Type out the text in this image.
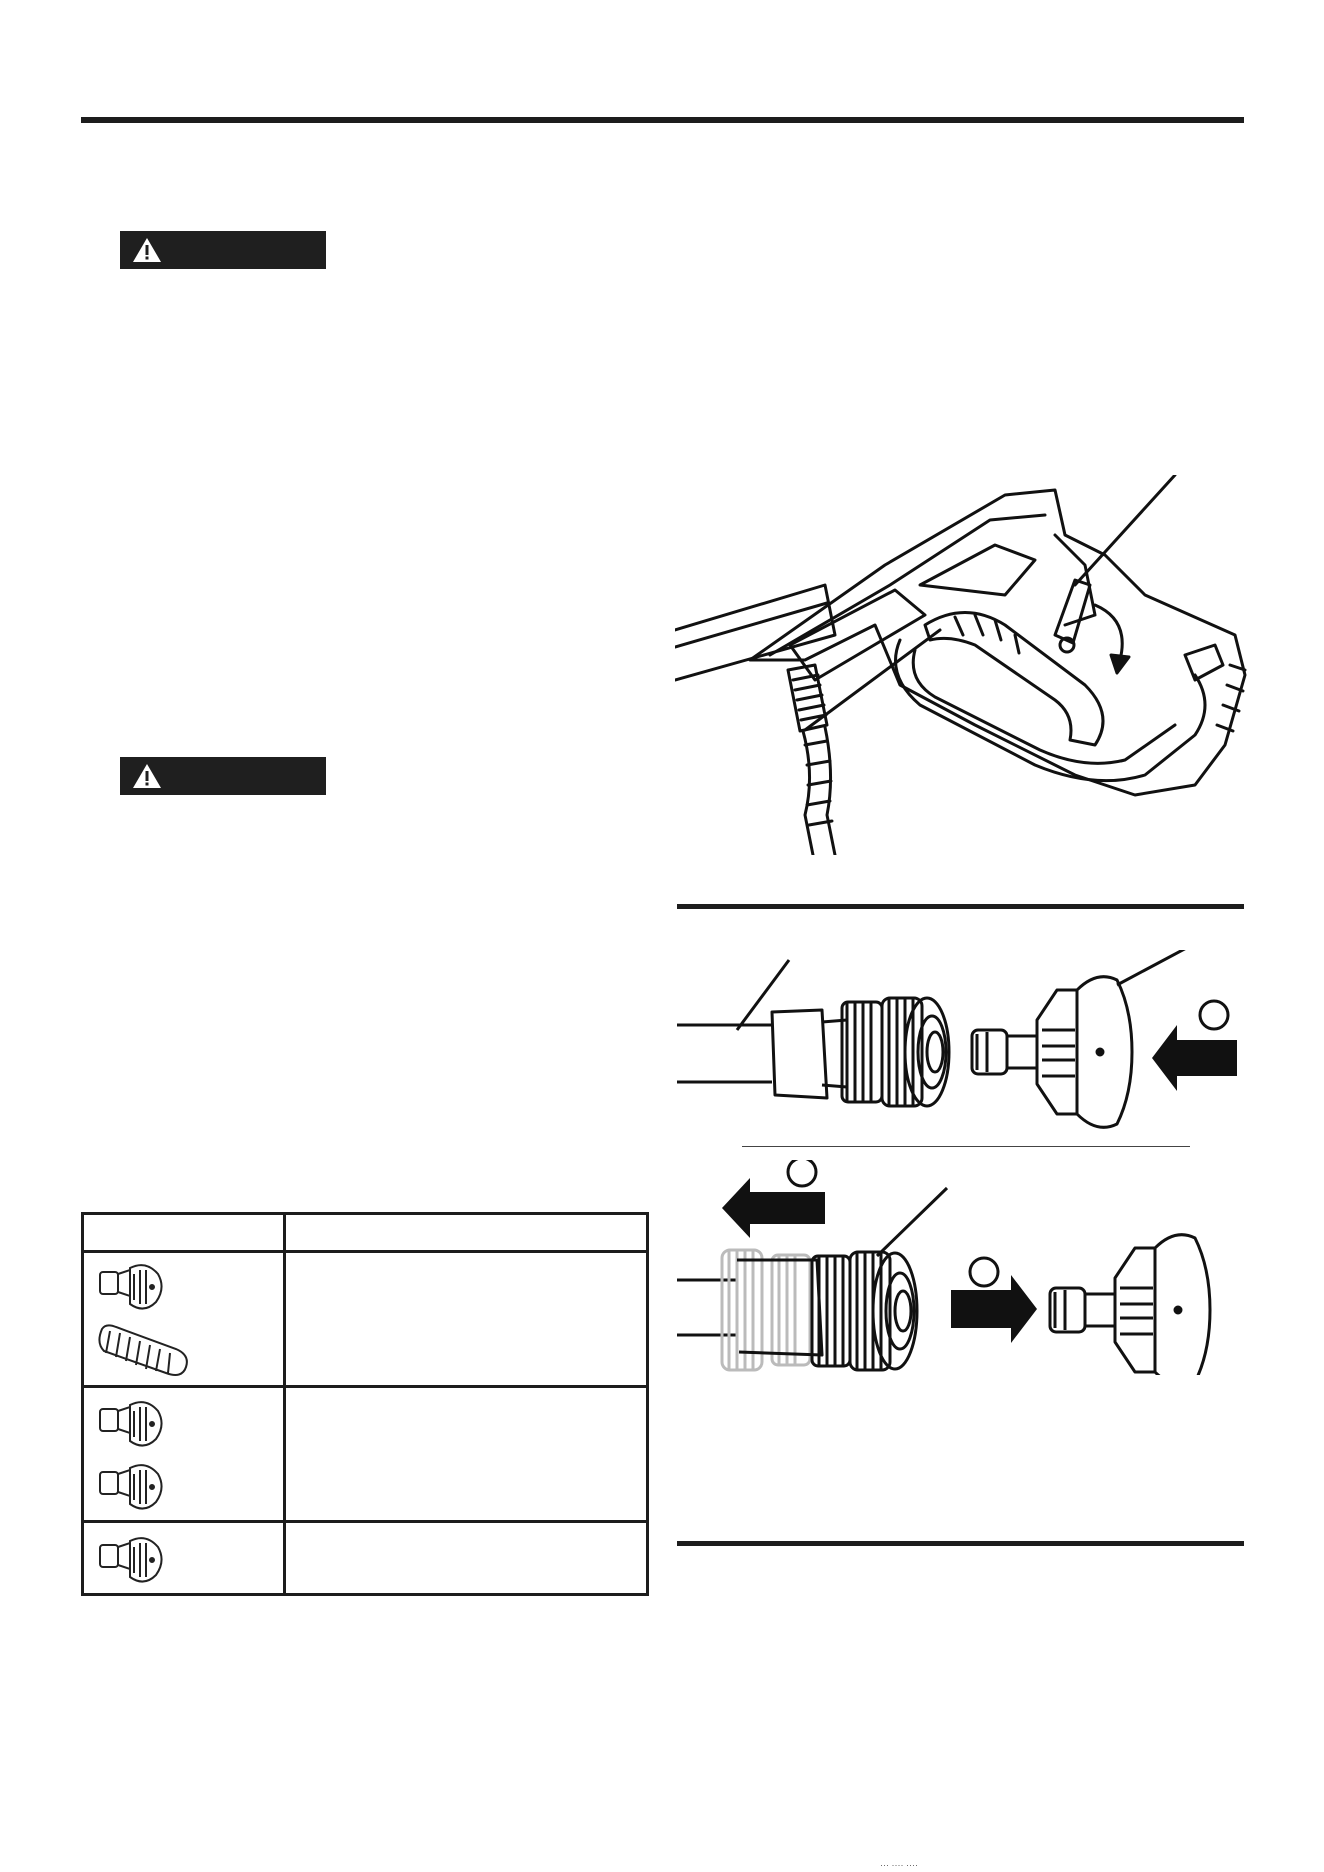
··· ···· ····
